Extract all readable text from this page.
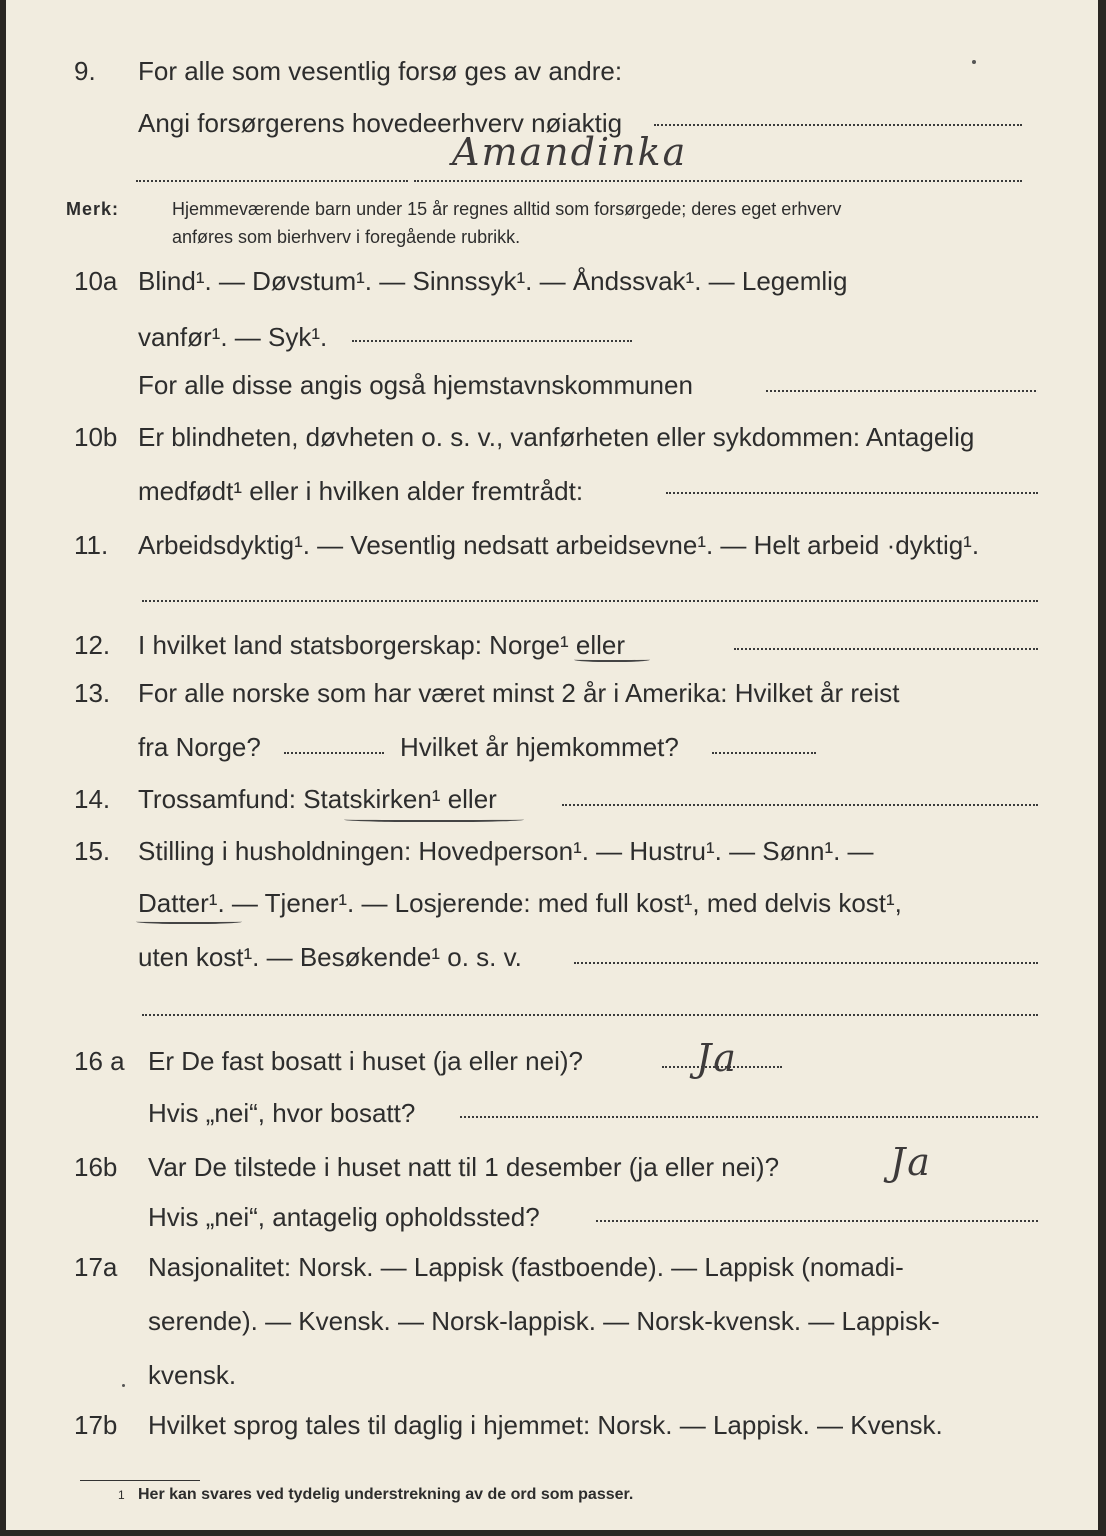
9. For alle som vesentlig forsø ges av andre:
Angi forsørgerens hovedeerhverv nøiaktig
Amandinka
Merk:	Hjemmeværende barn under 15 år regnes alltid som forsørgede; deres eget erhverv
anføres som bierhverv i foregående rubrikk.
10a Blind¹. — Døvstum¹. — Sinnssyk¹. — Åndssvak¹. — Legemlig
vanfør¹. — Syk¹.
For alle disse angis også hjemstavnskommunen
10b Er blindheten, døvheten o. s. v., vanførheten eller sykdommen: Antagelig
medfødt¹ eller i hvilken alder fremtrådt:
11. Arbeidsdyktig¹. — Vesentlig nedsatt arbeidsevne¹. — Helt arbeid ·dyktig¹.
12. I hvilket land statsborgerskap: Norge¹ eller
13. For alle norske som har været minst 2 år i Amerika: Hvilket år reist
fra Norge?	Hvilket år hjemkommet?
14. Trossamfund: Statskirken¹ eller
15. Stilling i husholdningen: Hovedperson¹. — Hustru¹. — Sønn¹. —
Datter¹. — Tjener¹. — Losjerende: med full kost¹, med delvis kost¹,
uten kost¹. — Besøkende¹ o. s. v.
16 a Er De fast bosatt i huset (ja eller nei)?	Ja
Hvis „nei“, hvor bosatt?
16b Var De tilstede i huset natt til 1 desember (ja eller nei)?	Ja
Hvis „nei“, antagelig opholdssted?
17a Nasjonalitet: Norsk. — Lappisk (fastboende). — Lappisk (nomadi-
serende). — Kvensk. — Norsk-lappisk. — Norsk-kvensk. — Lappisk-
kvensk.
17b Hvilket sprog tales til daglig i hjemmet: Norsk. — Lappisk. — Kvensk.
1 Her kan svares ved tydelig understrekning av de ord som passer.
